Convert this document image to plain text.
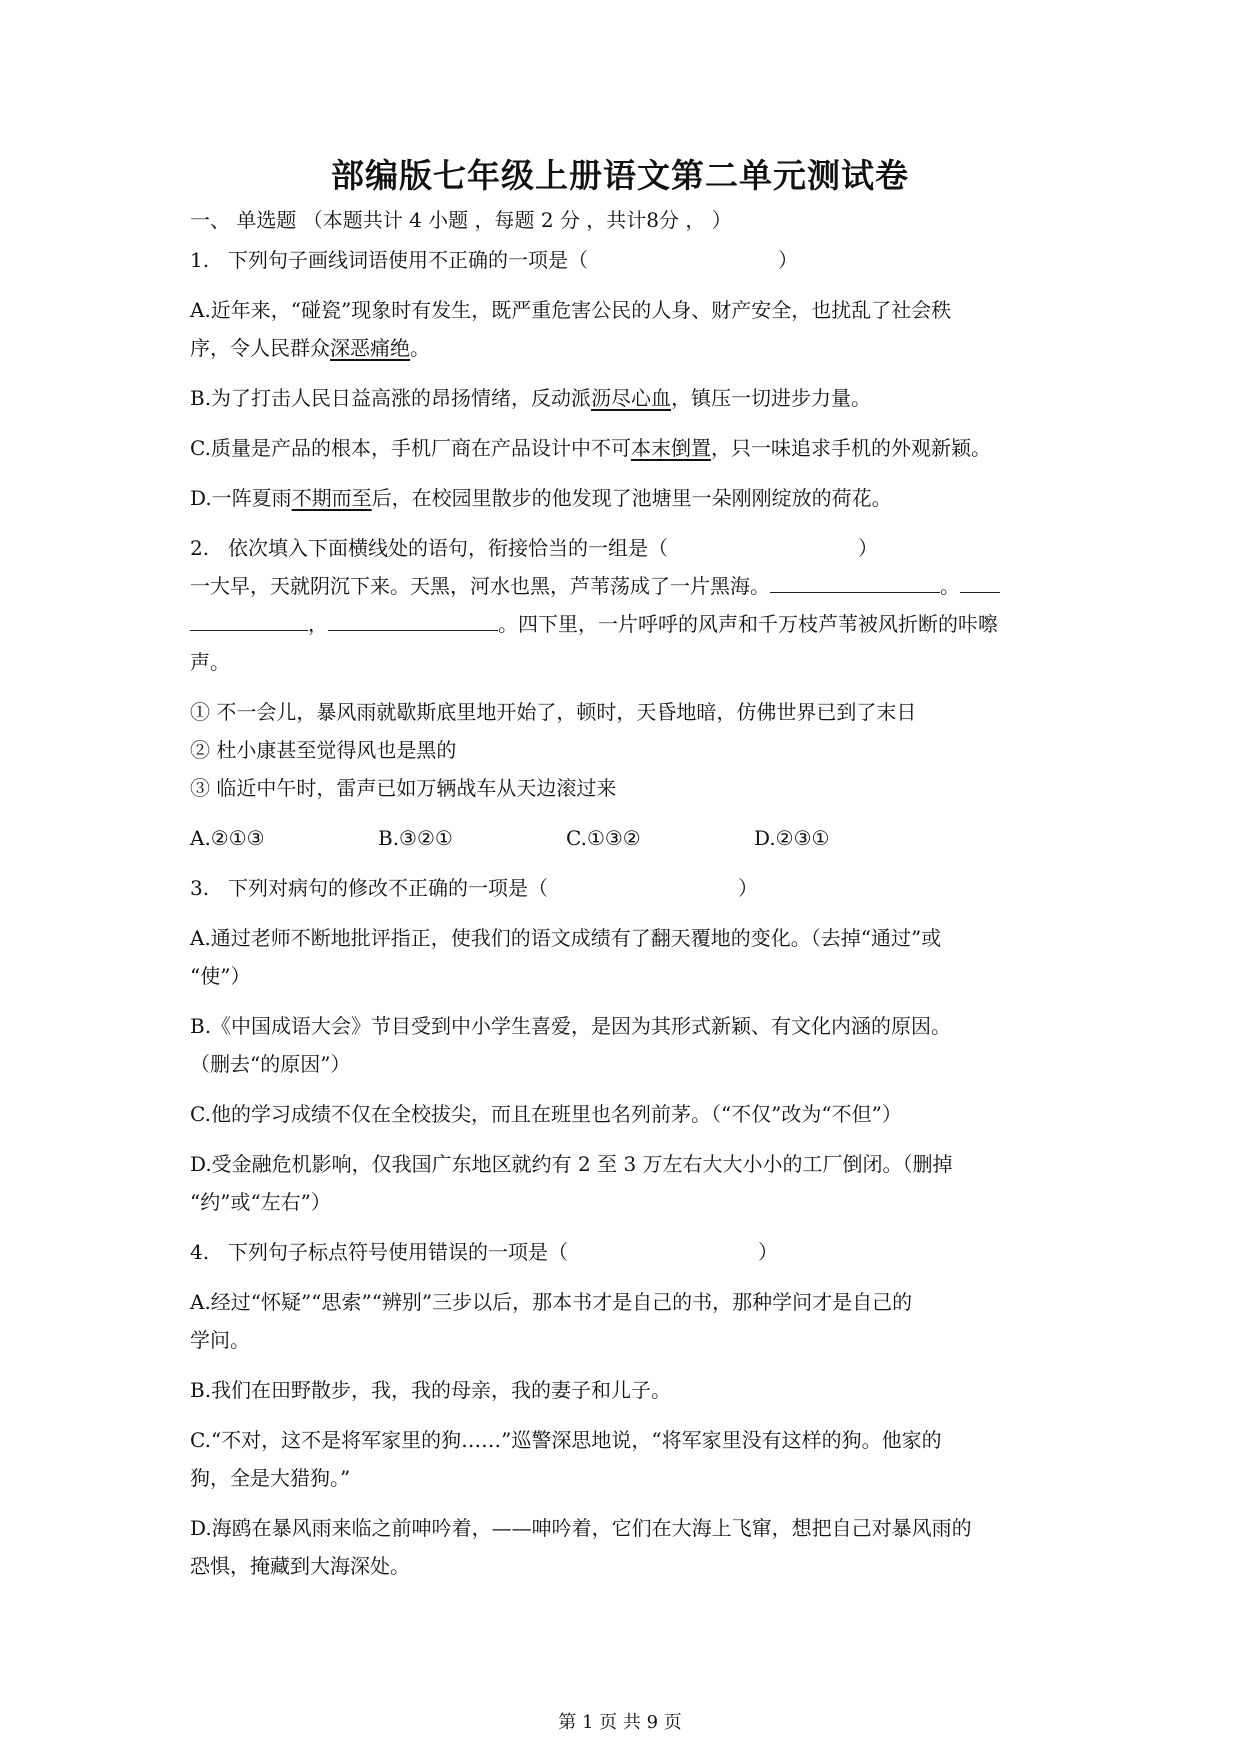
部编版七年级上册语文第二单元测试卷
一、 单选题 （本题共计 4 小题 ，每题 2 分 ，共计8分 ， ）
1. 下列句子画线词语使用不正确的一项是（	）
A.近年来，“碰瓷”现象时有发生，既严重危害公民的人身、财产安全，也扰乱了社会秩
序，令人民群众深恶痛绝。
B.为了打击人民日益高涨的昂扬情绪，反动派沥尽心血，镇压一切进步力量。
C.质量是产品的根本，手机厂商在产品设计中不可本末倒置，只一味追求手机的外观新颖。
D.一阵夏雨不期而至后，在校园里散步的他发现了池塘里一朵刚刚绽放的荷花。
2. 依次填入下面横线处的语句，衔接恰当的一组是（	）
一大早，天就阴沉下来。天黑，河水也黑，芦苇荡成了一片黑海。	。
，	。四下里，一片呼呼的风声和千万枝芦苇被风折断的咔嚓
声。
① 不一会儿，暴风雨就歇斯底里地开始了，顿时，天昏地暗，仿佛世界已到了末日
② 杜小康甚至觉得风也是黑的
③ 临近中午时，雷声已如万辆战车从天边滚过来
A.②①③	B.③②①	C.①③②	D.②③①
3. 下列对病句的修改不正确的一项是（	）
A.通过老师不断地批评指正，使我们的语文成绩有了翻天覆地的变化。（去掉“通过”或
“使”）
B.《中国成语大会》节目受到中小学生喜爱，是因为其形式新颖、有文化内涵的原因。
（删去“的原因”）
C.他的学习成绩不仅在全校拔尖，而且在班里也名列前茅。（“不仅”改为“不但”）
D.受金融危机影响，仅我国广东地区就约有 2 至 3 万左右大大小小的工厂倒闭。（删掉
“约”或“左右”）
4. 下列句子标点符号使用错误的一项是（	）
A.经过“怀疑”“思索”“辨别”三步以后，那本书才是自己的书，那种学问才是自己的
学问。
B.我们在田野散步，我，我的母亲，我的妻子和儿子。
C.“不对，这不是将军家里的狗……”巡警深思地说，“将军家里没有这样的狗。他家的
狗，全是大猎狗。”
D.海鸥在暴风雨来临之前呻吟着，——呻吟着，它们在大海上飞窜，想把自己对暴风雨的
恐惧，掩藏到大海深处。
第 1 页 共 9 页
